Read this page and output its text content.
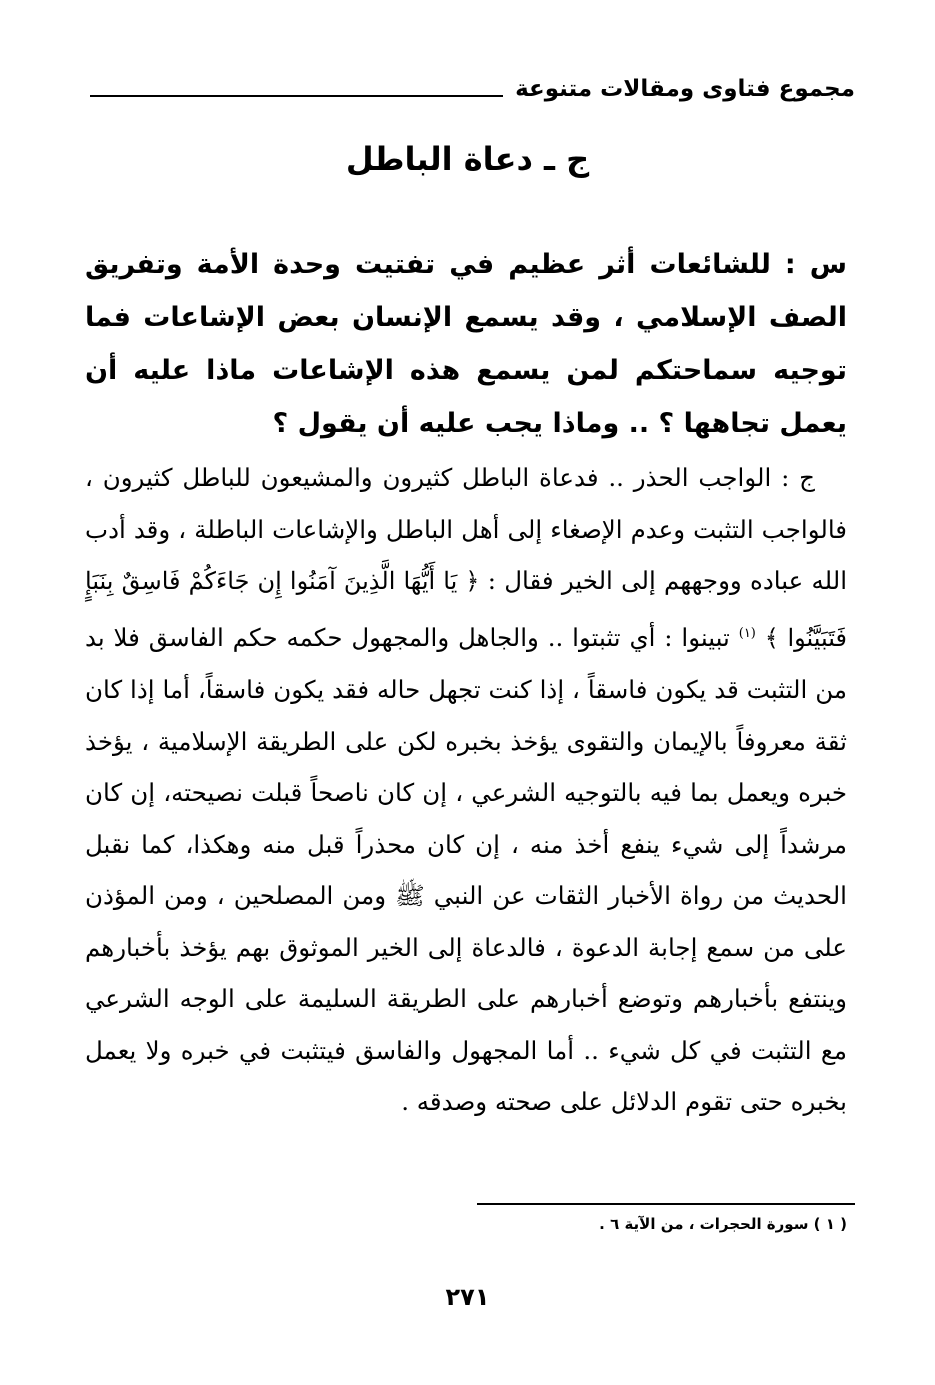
مجموع فتاوى ومقالات متنوعة
ج ـ دعاة الباطل
س : للشائعات أثر عظيم في تفتيت وحدة الأمة وتفريق الصف الإسلامي ، وقد يسمع الإنسان بعض الإشاعات فما توجيه سماحتكم لمن يسمع هذه الإشاعات ماذا عليه أن يعمل تجاهها ؟ .. وماذا يجب عليه أن يقول ؟
ج : الواجب الحذر .. فدعاة الباطل كثيرون والمشيعون للباطل كثيرون ، فالواجب التثبت وعدم الإصغاء إلى أهل الباطل والإشاعات الباطلة ، وقد أدب الله عباده ووجههم إلى الخير فقال : ﴿ يَا أَيُّهَا الَّذِينَ آمَنُوا إِن جَاءَكُمْ فَاسِقٌ بِنَبَإٍ فَتَبَيَّنُوا ﴾ $^{(١)}$ تبينوا : أي تثبتوا .. والجاهل والمجهول حكمه حكم الفاسق فلا بد من التثبت قد يكون فاسقاً ، إذا كنت تجهل حاله فقد يكون فاسقاً، أما إذا كان ثقة معروفاً بالإيمان والتقوى يؤخذ بخبره لكن على الطريقة الإسلامية ، يؤخذ خبره ويعمل بما فيه بالتوجيه الشرعي ، إن كان ناصحاً قبلت نصيحته، إن كان مرشداً إلى شيء ينفع أخذ منه ، إن كان محذراً قبل منه وهكذا، كما نقبل الحديث من رواة الأخبار الثقات عن النبي ﷺ ومن المصلحين ، ومن المؤذن على من سمع إجابة الدعوة ، فالدعاة إلى الخير الموثوق بهم يؤخذ بأخبارهم وينتفع بأخبارهم وتوضع أخبارهم على الطريقة السليمة على الوجه الشرعي مع التثبت في كل شيء .. أما المجهول والفاسق فيتثبت في خبره ولا يعمل بخبره حتى تقوم الدلائل على صحته وصدقه .
( ١ ) سورة الحجرات ، من الآية ٦ .
٢٧١
